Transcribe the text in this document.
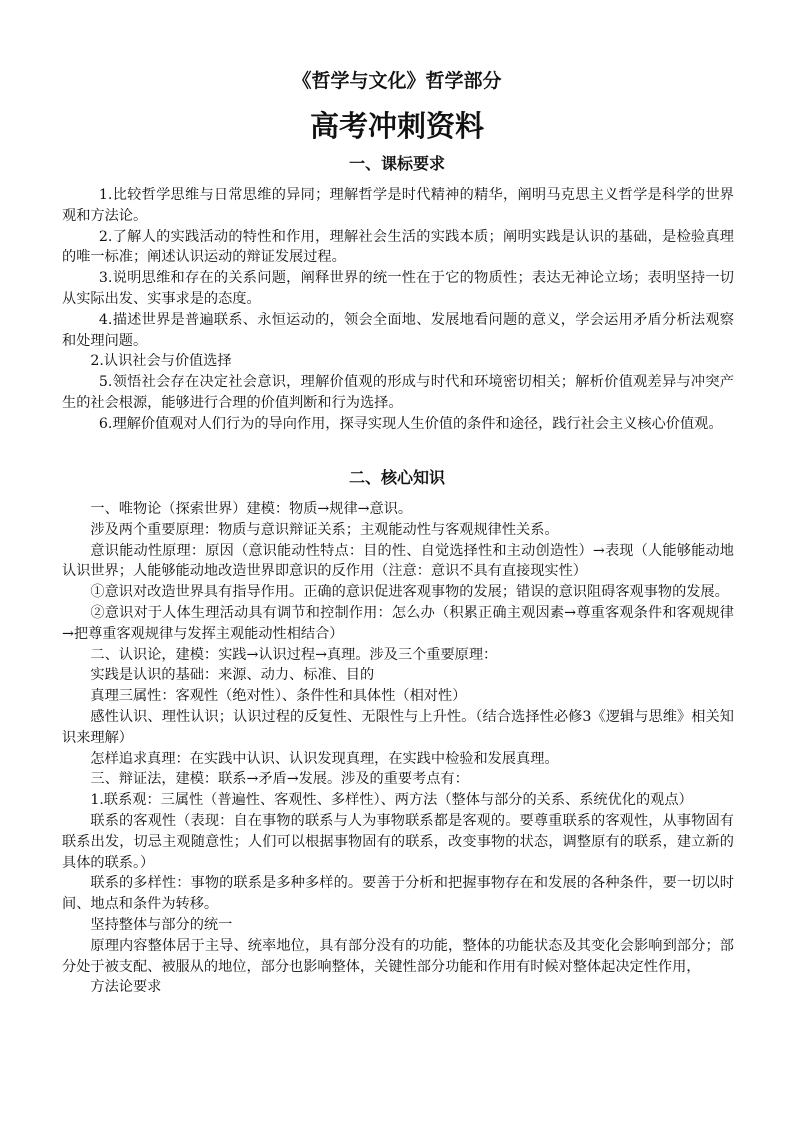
《哲学与文化》哲学部分
高考冲刺资料
一、课标要求

1.比较哲学思维与日常思维的异同；理解哲学是时代精神的精华，阐明马克思主义哲学是科学的世界观和方法论。

2.了解人的实践活动的特性和作用，理解社会生活的实践本质；阐明实践是认识的基础，是检验真理的唯一标准；阐述认识运动的辩证发展过程。

3.说明思维和存在的关系问题，阐释世界的统一性在于它的物质性；表达无神论立场；表明坚持一切从实际出发、实事求是的态度。

4.描述世界是普遍联系、永恒运动的，领会全面地、发展地看问题的意义，学会运用矛盾分析法观察和处理问题。

2.认识社会与价值选择

5.领悟社会存在决定社会意识，理解价值观的形成与时代和环境密切相关；解析价值观差异与冲突产生的社会根源，能够进行合理的价值判断和行为选择。

6.理解价值观对人们行为的导向作用，探寻实现人生价值的条件和途径，践行社会主义核心价值观。

二、核心知识

一、唯物论（探索世界）建模：物质→规律→意识。

涉及两个重要原理：物质与意识辩证关系；主观能动性与客观规律性关系。

意识能动性原理：原因（意识能动性特点：目的性、自觉选择性和主动创造性）→表现（人能够能动地认识世界；人能够能动地改造世界即意识的反作用（注意：意识不具有直接现实性）

①意识对改造世界具有指导作用。正确的意识促进客观事物的发展；错误的意识阻碍客观事物的发展。

②意识对于人体生理活动具有调节和控制作用：怎么办（积累正确主观因素→尊重客观条件和客观规律→把尊重客观规律与发挥主观能动性相结合）

二、认识论，建模：实践→认识过程→真理。涉及三个重要原理：

实践是认识的基础：来源、动力、标准、目的

真理三属性：客观性（绝对性）、条件性和具体性（相对性）

感性认识、理性认识；认识过程的反复性、无限性与上升性。（结合选择性必修3《逻辑与思维》相关知识来理解）

怎样追求真理：在实践中认识、认识发现真理，在实践中检验和发展真理。

三、辩证法，建模：联系→矛盾→发展。涉及的重要考点有：

1.联系观：三属性（普遍性、客观性、多样性）、两方法（整体与部分的关系、系统优化的观点）

联系的客观性（表现：自在事物的联系与人为事物联系都是客观的。要尊重联系的客观性，从事物固有联系出发，切忌主观随意性；人们可以根据事物固有的联系，改变事物的状态，调整原有的联系，建立新的具体的联系。）

联系的多样性：事物的联系是多种多样的。要善于分析和把握事物存在和发展的各种条件，要一切以时间、地点和条件为转移。

坚持整体与部分的统一

原理内容整体居于主导、统率地位，具有部分没有的功能，整体的功能状态及其变化会影响到部分；部分处于被支配、被服从的地位，部分也影响整体，关键性部分功能和作用有时候对整体起决定性作用，

方法论要求
